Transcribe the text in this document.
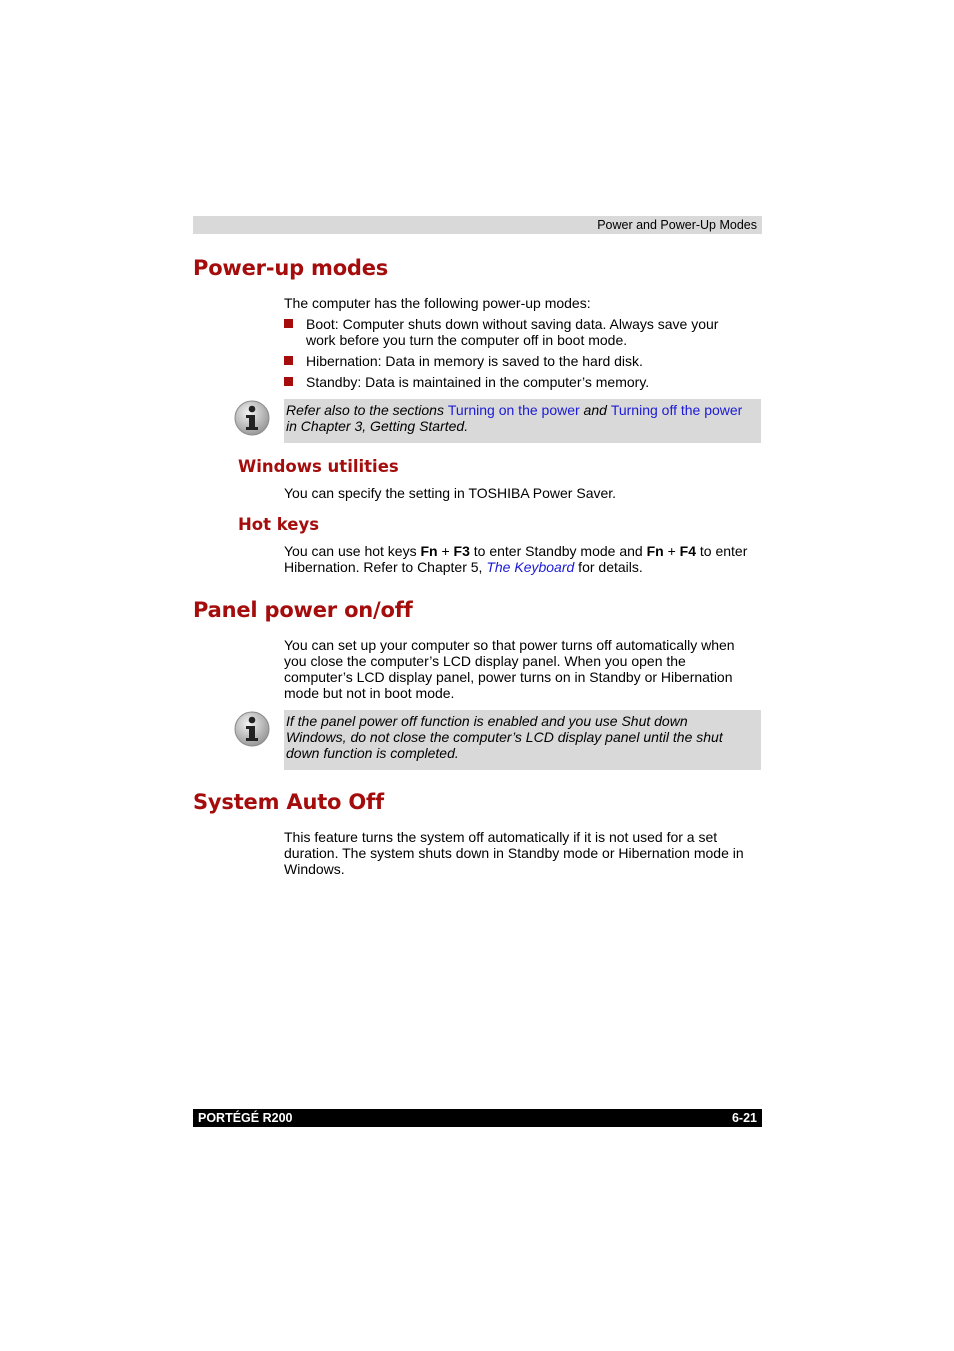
Power and Power-Up Modes
Power-up modes
The computer has the following power-up modes:
Boot: Computer shuts down without saving data. Always save your
work before you turn the computer off in boot mode.
Hibernation: Data in memory is saved to the hard disk.
Standby: Data is maintained in the computer’s memory.
Refer also to the sections Turning on the power and Turning off the power
in Chapter 3, Getting Started.
Windows utilities
You can specify the setting in TOSHIBA Power Saver.
Hot keys
You can use hot keys Fn + F3 to enter Standby mode and Fn + F4 to enter
Hibernation. Refer to Chapter 5, The Keyboard for details.
Panel power on/off
You can set up your computer so that power turns off automatically when
you close the computer’s LCD display panel. When you open the
computer’s LCD display panel, power turns on in Standby or Hibernation
mode but not in boot mode.
If the panel power off function is enabled and you use Shut down
Windows, do not close the computer’s LCD display panel until the shut
down function is completed.
System Auto Off
This feature turns the system off automatically if it is not used for a set
duration. The system shuts down in Standby mode or Hibernation mode in
Windows.
PORTÉGÉ R200	6-21
